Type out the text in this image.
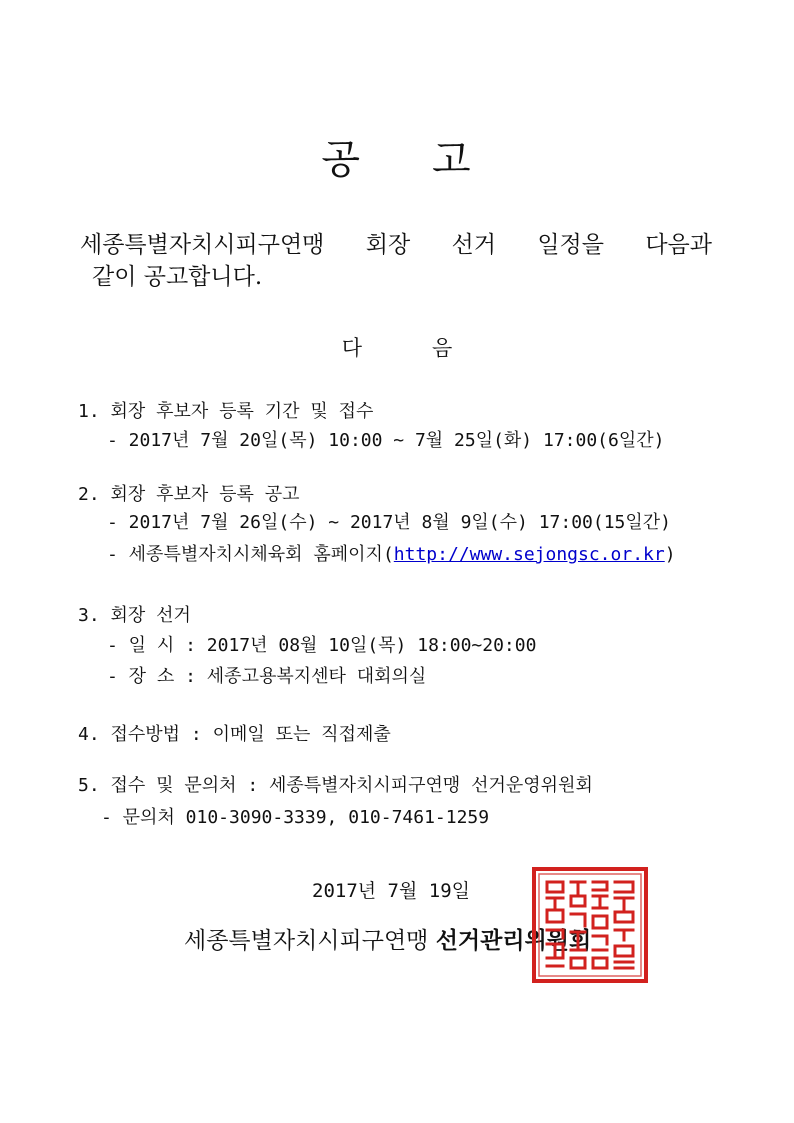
공 고
세종특별자치시피구연맹 회장 선거 일정을 다음과
같이 공고합니다.
다	음
1. 회장 후보자 등록 기간 및 접수
- 2017년 7월 20일(목) 10:00 ~ 7월 25일(화) 17:00(6일간)
2. 회장 후보자 등록 공고
- 2017년 7월 26일(수) ~ 2017년 8월 9일(수) 17:00(15일간)
- 세종특별자치시체육회 홈페이지(http://www.sejongsc.or.kr)
3. 회장 선거
- 일 시 : 2017년 08월 10일(목) 18:00~20:00
- 장 소 : 세종고용복지센타 대회의실
4. 접수방법 : 이메일 또는 직접제출
5. 접수 및 문의처 : 세종특별자치시피구연맹 선거운영위원회
- 문의처 010-3090-3339, 010-7461-1259
2017년 7월 19일
세종특별자치시피구연맹 선거관리위원회
